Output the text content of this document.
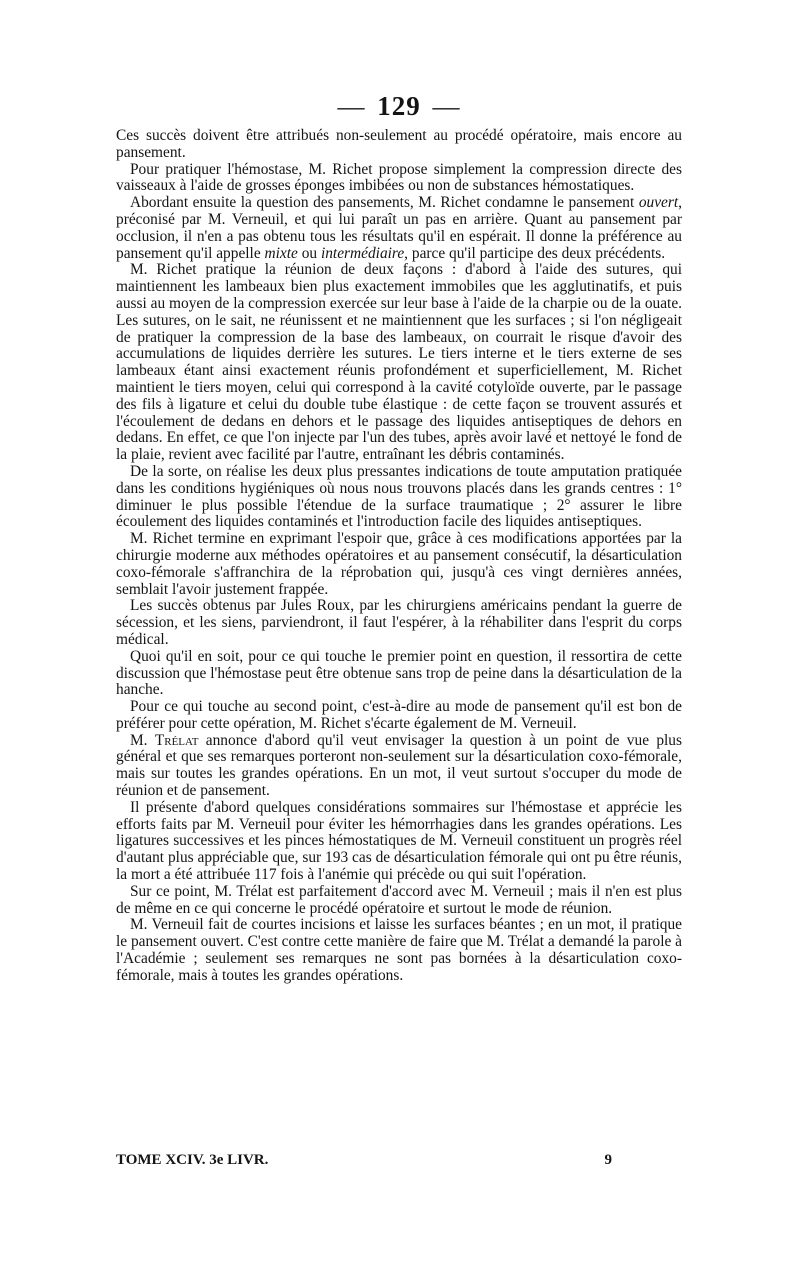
— 129 —

Ces succès doivent être attribués non-seulement au procédé opératoire, mais encore au pansement.

Pour pratiquer l'hémostase, M. Richet propose simplement la compression directe des vaisseaux à l'aide de grosses éponges imbibées ou non de substances hémostatiques.

Abordant ensuite la question des pansements, M. Richet condamne le pansement ouvert, préconisé par M. Verneuil, et qui lui paraît un pas en arrière. Quant au pansement par occlusion, il n'en a pas obtenu tous les résultats qu'il en espérait. Il donne la préférence au pansement qu'il appelle mixte ou intermédiaire, parce qu'il participe des deux précédents.

M. Richet pratique la réunion de deux façons : d'abord à l'aide des sutures, qui maintiennent les lambeaux bien plus exactement immobiles que les agglutinatifs, et puis aussi au moyen de la compression exercée sur leur base à l'aide de la charpie ou de la ouate. Les sutures, on le sait, ne réunissent et ne maintiennent que les surfaces ; si l'on négligeait de pratiquer la compression de la base des lambeaux, on courrait le risque d'avoir des accumulations de liquides derrière les sutures. Le tiers interne et le tiers externe de ses lambeaux étant ainsi exactement réunis profondément et superficiellement, M. Richet maintient le tiers moyen, celui qui correspond à la cavité cotyloïde ouverte, par le passage des fils à ligature et celui du double tube élastique : de cette façon se trouvent assurés et l'écoulement de dedans en dehors et le passage des liquides antiseptiques de dehors en dedans. En effet, ce que l'on injecte par l'un des tubes, après avoir lavé et nettoyé le fond de la plaie, revient avec facilité par l'autre, entraînant les débris contaminés.

De la sorte, on réalise les deux plus pressantes indications de toute amputation pratiquée dans les conditions hygiéniques où nous nous trouvons placés dans les grands centres : 1° diminuer le plus possible l'étendue de la surface traumatique ; 2° assurer le libre écoulement des liquides contaminés et l'introduction facile des liquides antiseptiques.

M. Richet termine en exprimant l'espoir que, grâce à ces modifications apportées par la chirurgie moderne aux méthodes opératoires et au pansement consécutif, la désarticulation coxo-fémorale s'affranchira de la réprobation qui, jusqu'à ces vingt dernières années, semblait l'avoir justement frappée.

Les succès obtenus par Jules Roux, par les chirurgiens américains pendant la guerre de sécession, et les siens, parviendront, il faut l'espérer, à la réhabiliter dans l'esprit du corps médical.

Quoi qu'il en soit, pour ce qui touche le premier point en question, il ressortira de cette discussion que l'hémostase peut être obtenue sans trop de peine dans la désarticulation de la hanche.

Pour ce qui touche au second point, c'est-à-dire au mode de pansement qu'il est bon de préférer pour cette opération, M. Richet s'écarte également de M. Verneuil.

M. Trélat annonce d'abord qu'il veut envisager la question à un point de vue plus général et que ses remarques porteront non-seulement sur la désarticulation coxo-fémorale, mais sur toutes les grandes opérations. En un mot, il veut surtout s'occuper du mode de réunion et de pansement.

Il présente d'abord quelques considérations sommaires sur l'hémostase et apprécie les efforts faits par M. Verneuil pour éviter les hémorrhagies dans les grandes opérations. Les ligatures successives et les pinces hémostatiques de M. Verneuil constituent un progrès réel d'autant plus appréciable que, sur 193 cas de désarticulation fémorale qui ont pu être réunis, la mort a été attribuée 117 fois à l'anémie qui précède ou qui suit l'opération.

Sur ce point, M. Trélat est parfaitement d'accord avec M. Verneuil ; mais il n'en est plus de même en ce qui concerne le procédé opératoire et surtout le mode de réunion.

M. Verneuil fait de courtes incisions et laisse les surfaces béantes ; en un mot, il pratique le pansement ouvert. C'est contre cette manière de faire que M. Trélat a demandé la parole à l'Académie ; seulement ses remarques ne sont pas bornées à la désarticulation coxo-fémorale, mais à toutes les grandes opérations.

TOME XCIV. 3e LIVR.	9
